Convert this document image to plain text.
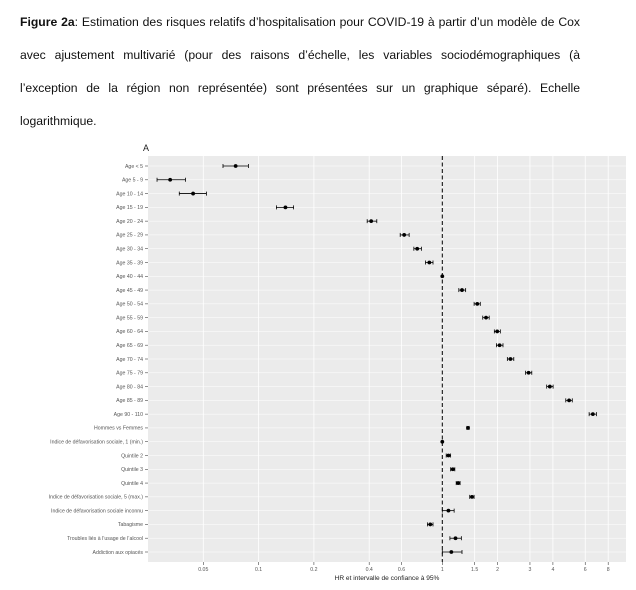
Figure 2a: Estimation des risques relatifs d’hospitalisation pour COVID-19 à partir d’un modèle de Cox avec ajustement multivarié (pour des raisons d’échelle, les variables sociodémographiques (à l’exception de la région non représentée) sont présentées sur un graphique séparé). Echelle logarithmique.
A
Age < 5
Age 5 - 9
Age 10 - 14
Age 15 - 19
Age 20 - 24
Age 25 - 29
Age 30 - 34
Age 35 - 39
Age 40 - 44
Age 45 - 49
Age 50 - 54
Age 55 - 59
Age 60 - 64
Age 65 - 69
Age 70 - 74
Age 75 - 79
Age 80 - 84
Age 85 - 89
Age 90 - 110
Hommes vs Femmes
Indice de défavorisation sociale, 1 (min.)
Quintile 2
Quintile 3
Quintile 4
Indice de défavorisation sociale, 5 (max.)
Indice de défavorisation sociale inconnu
Tabagisme
Troubles liés à l’usage de l’alcool
Addiction aux opiacés
0.05	0.1	0.2	0.4	0.6	1	1.5	2	3	4	6	8
HR et intervalle de confiance à 95%
